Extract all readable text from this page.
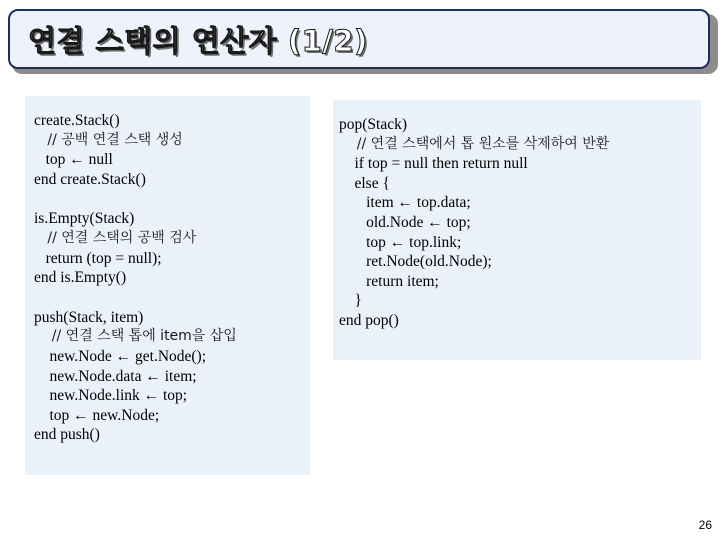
연결 스택의 연산자 (1/2)
create.Stack()
// 공백 연결 스택 생성
top ← null
end create.Stack()
is.Empty(Stack)
// 연결 스택의 공백 검사
return (top = null);
end is.Empty()
push(Stack, item)
// 연결 스택 톱에 item을 삽입
new.Node ← get.Node();
new.Node.data ← item;
new.Node.link ← top;
top ← new.Node;
end push()
pop(Stack)
// 연결 스택에서 톱 원소를 삭제하여 반환
if top = null then return null
else {
item ← top.data;
old.Node ← top;
top ← top.link;
ret.Node(old.Node);
return item;
}
end pop()
26
